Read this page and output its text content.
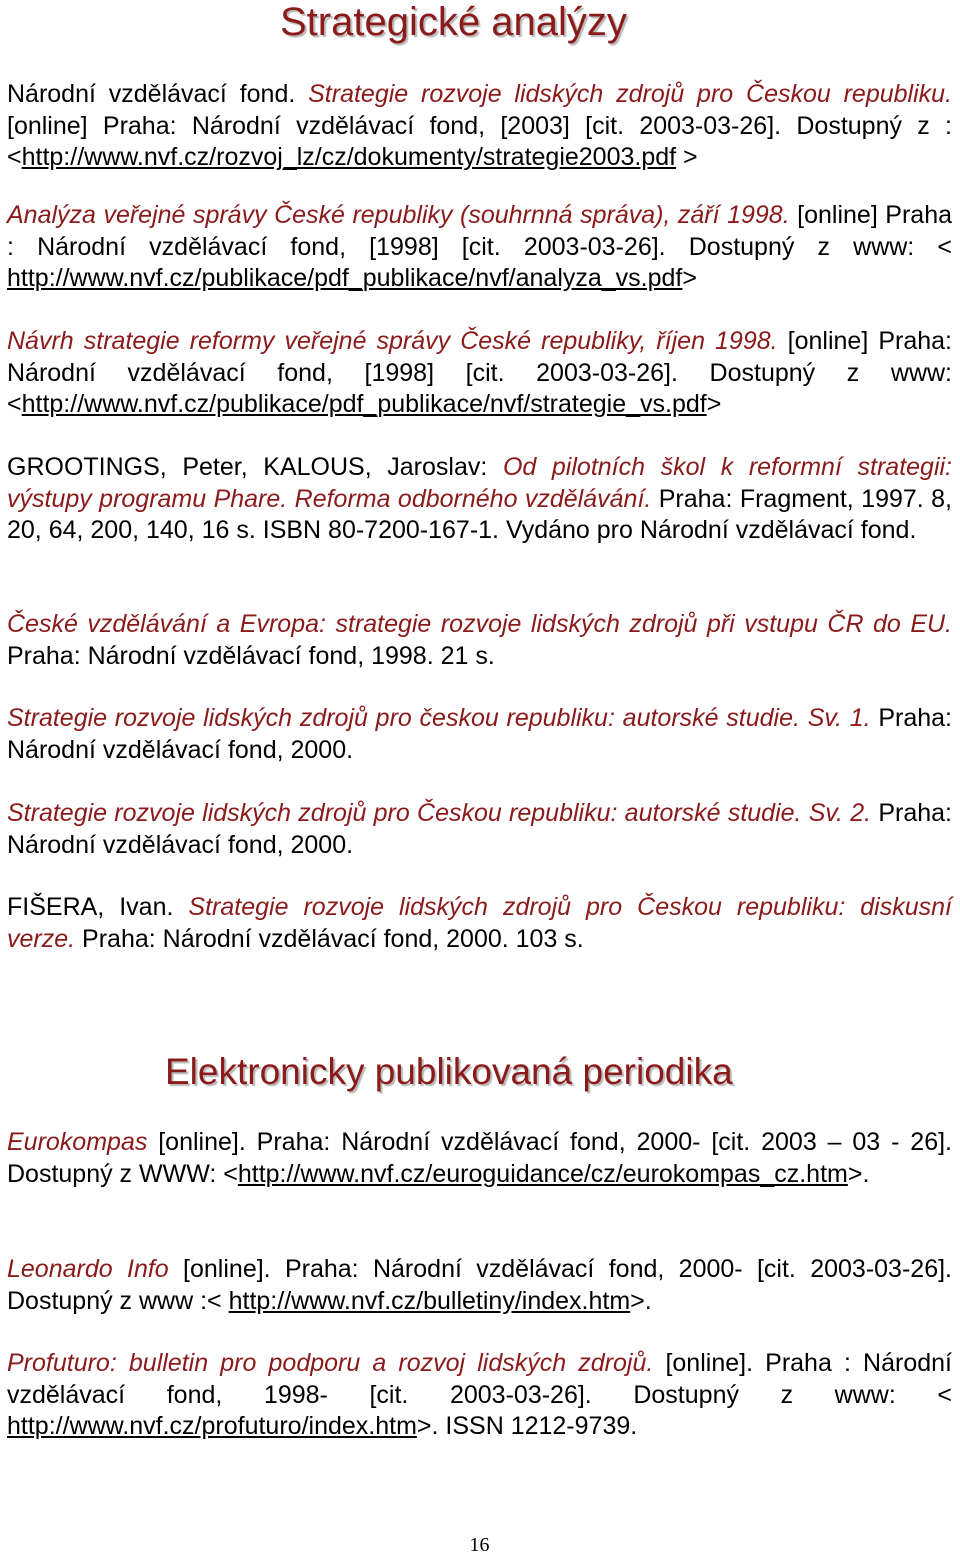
Strategické analýzy
Národní vzdělávací fond. Strategie rozvoje lidských zdrojů pro Českou republiku. [online] Praha: Národní vzdělávací fond, [2003] [cit. 2003-03-26]. Dostupný z : <http://www.nvf.cz/rozvoj_lz/cz/dokumenty/strategie2003.pdf >
Analýza veřejné správy České republiky (souhrnná správa), září 1998. [online] Praha : Národní vzdělávací fond, [1998] [cit. 2003-03-26]. Dostupný z www: < http://www.nvf.cz/publikace/pdf_publikace/nvf/analyza_vs.pdf>
Návrh strategie reformy veřejné správy České republiky, říjen 1998. [online] Praha: Národní vzdělávací fond, [1998] [cit. 2003-03-26]. Dostupný z www: <http://www.nvf.cz/publikace/pdf_publikace/nvf/strategie_vs.pdf>
GROOTINGS, Peter, KALOUS, Jaroslav: Od pilotních škol k reformní strategii: výstupy programu Phare. Reforma odborného vzdělávání. Praha: Fragment, 1997. 8, 20, 64, 200, 140, 16 s. ISBN 80-7200-167-1. Vydáno pro Národní vzdělávací fond.
České vzdělávání a Evropa: strategie rozvoje lidských zdrojů při vstupu ČR do EU. Praha: Národní vzdělávací fond, 1998. 21 s.
Strategie rozvoje lidských zdrojů pro českou republiku: autorské studie. Sv. 1. Praha: Národní vzdělávací fond, 2000.
Strategie rozvoje lidských zdrojů pro Českou republiku: autorské studie. Sv. 2. Praha: Národní vzdělávací fond, 2000.
FIŠERA, Ivan. Strategie rozvoje lidských zdrojů pro Českou republiku: diskusní verze. Praha: Národní vzdělávací fond, 2000. 103 s.
Elektronicky publikovaná periodika
Eurokompas [online]. Praha: Národní vzdělávací fond, 2000- [cit. 2003 – 03 - 26]. Dostupný z WWW: <http://www.nvf.cz/euroguidance/cz/eurokompas_cz.htm>.
Leonardo Info [online]. Praha: Národní vzdělávací fond, 2000- [cit. 2003-03-26]. Dostupný z www :< http://www.nvf.cz/bulletiny/index.htm>.
Profuturo: bulletin pro podporu a rozvoj lidských zdrojů. [online]. Praha : Národní vzdělávací fond, 1998- [cit. 2003-03-26]. Dostupný z www: < http://www.nvf.cz/profuturo/index.htm>. ISSN 1212-9739.
16
